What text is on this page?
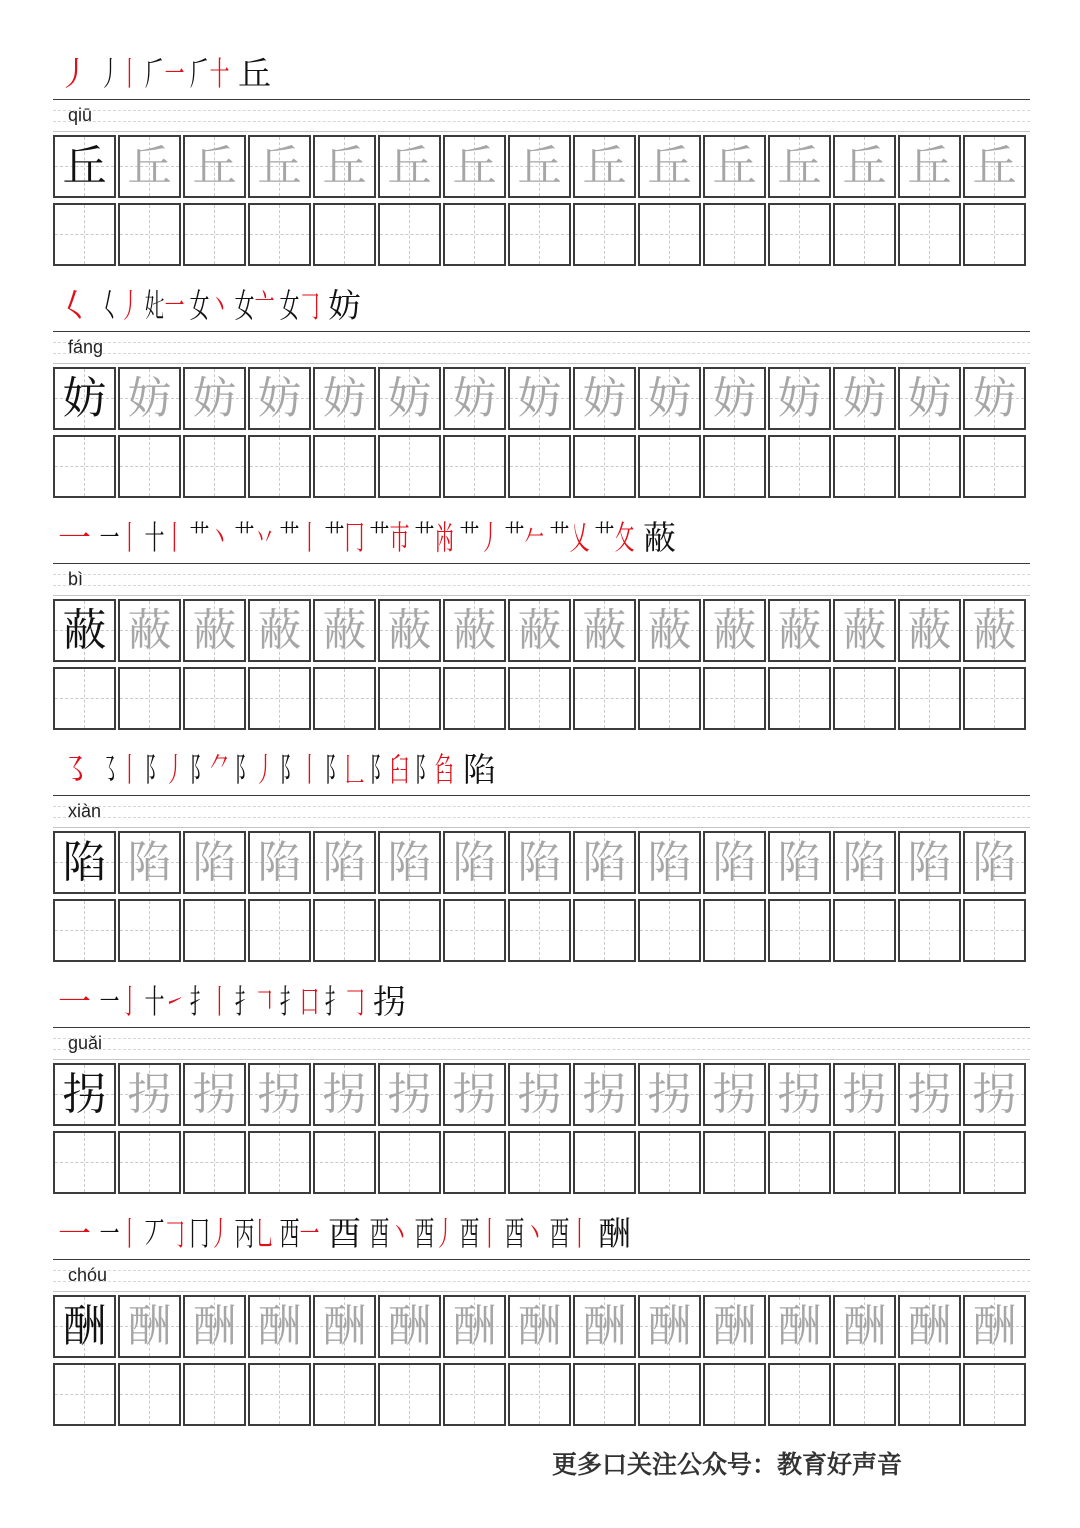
更多口关注公众号：教育好声音
丿 丿 丨 𠂆 一 𠂆 十 丘
qiū
丘 丘 丘 丘 丘 丘 丘 丘 丘 丘 丘 丘 丘 丘 丘
𡿨 𡿨 丿 𡚨 一 女 丶 女 亠 女 𠃌 妨
fáng
妨 妨 妨 妨 妨 妨 妨 妨 妨 妨 妨 妨 妨 妨 妨
一 一 丨 十 丨 艹 丶 艹 丷 艹 丨 艹 冂 艹 巿 艹 㡀 艹 丿 艹 𠂉 艹 乂 艹 攵 蔽
bì
蔽 蔽 蔽 蔽 蔽 蔽 蔽 蔽 蔽 蔽 蔽 蔽 蔽 蔽 蔽
㇌ ㇌ 丨 阝 丿 阝 ⺈ 阝 丿 阝 丨 阝 𠃊 阝 臼 阝 臽 陷
xiàn
陷 陷 陷 陷 陷 陷 陷 陷 陷 陷 陷 陷 陷 陷 陷
一 一 亅 十 ㇀ 扌 丨 扌 𠃍 扌 口 扌 𠃌 拐
guǎi
拐 拐 拐 拐 拐 拐 拐 拐 拐 拐 拐 拐 拐 拐 拐
一 一 丨 丆 𠃌 冂 丿 丙 乚 西 一 酉 酉 丶 酉 丿 酉 丨 酉 丶 酉 丨 酬
chóu
酬 酬 酬 酬 酬 酬 酬 酬 酬 酬 酬 酬 酬 酬 酬
